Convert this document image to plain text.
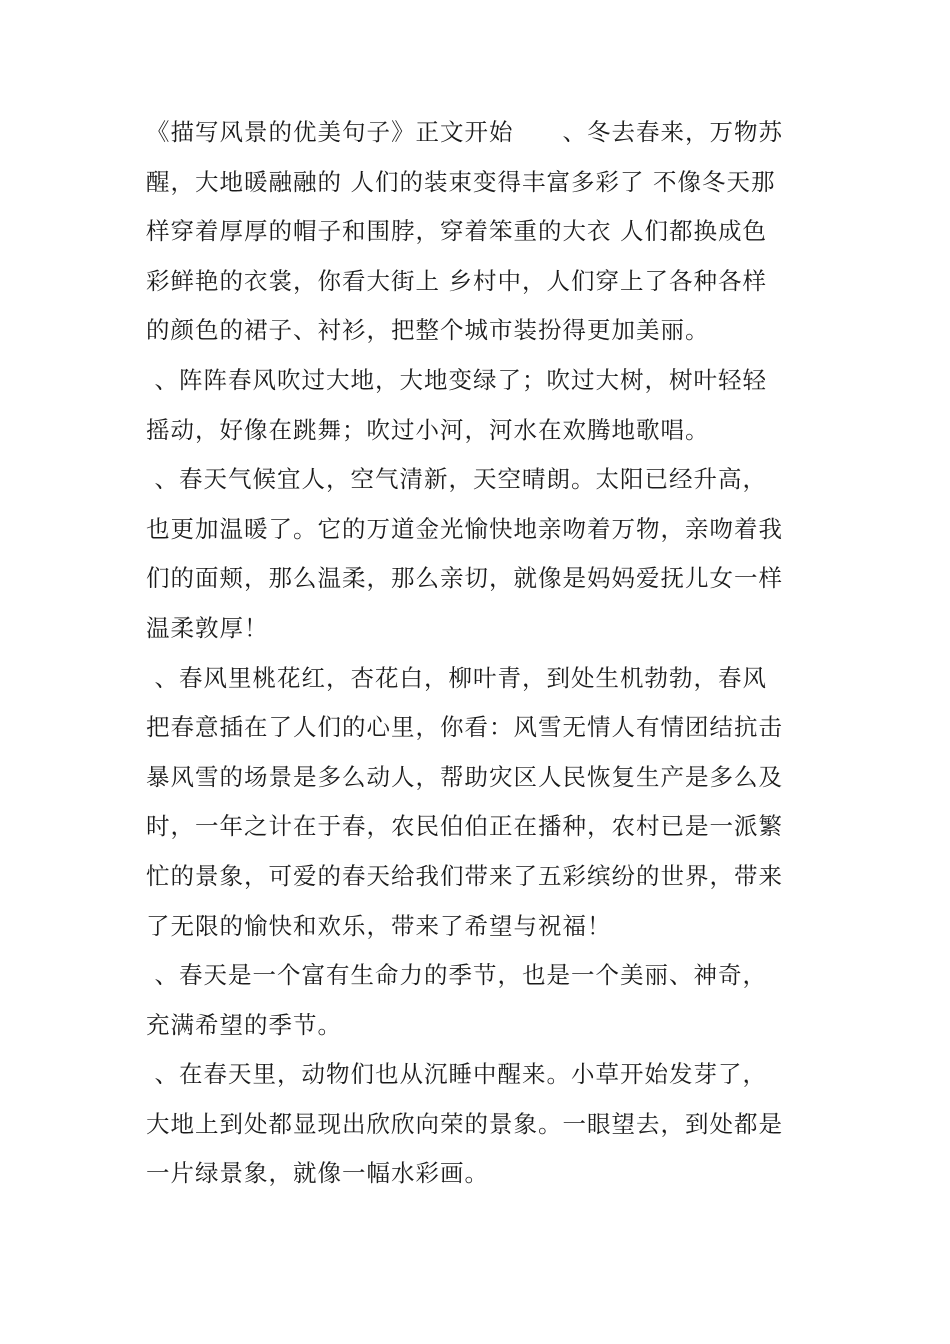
《描写风景的优美句子》正文开始　　、冬去春来，万物苏
醒，大地暖融融的 人们的装束变得丰富多彩了 不像冬天那
样穿着厚厚的帽子和围脖，穿着笨重的大衣 人们都换成色
彩鲜艳的衣裳，你看大街上 乡村中，人们穿上了各种各样
的颜色的裙子、衬衫，把整个城市装扮得更加美丽。
、阵阵春风吹过大地，大地变绿了；吹过大树，树叶轻轻
摇动，好像在跳舞；吹过小河，河水在欢腾地歌唱。
、春天气候宜人，空气清新，天空晴朗。太阳已经升高，
也更加温暖了。它的万道金光愉快地亲吻着万物，亲吻着我
们的面颊，那么温柔，那么亲切，就像是妈妈爱抚儿女一样
温柔敦厚！
、春风里桃花红，杏花白，柳叶青，到处生机勃勃，春风
把春意插在了人们的心里，你看：风雪无情人有情团结抗击
暴风雪的场景是多么动人，帮助灾区人民恢复生产是多么及
时，一年之计在于春，农民伯伯正在播种，农村已是一派繁
忙的景象，可爱的春天给我们带来了五彩缤纷的世界，带来
了无限的愉快和欢乐，带来了希望与祝福！
、春天是一个富有生命力的季节，也是一个美丽、神奇，
充满希望的季节。
、在春天里，动物们也从沉睡中醒来。小草开始发芽了，
大地上到处都显现出欣欣向荣的景象。一眼望去，到处都是
一片绿景象，就像一幅水彩画。
